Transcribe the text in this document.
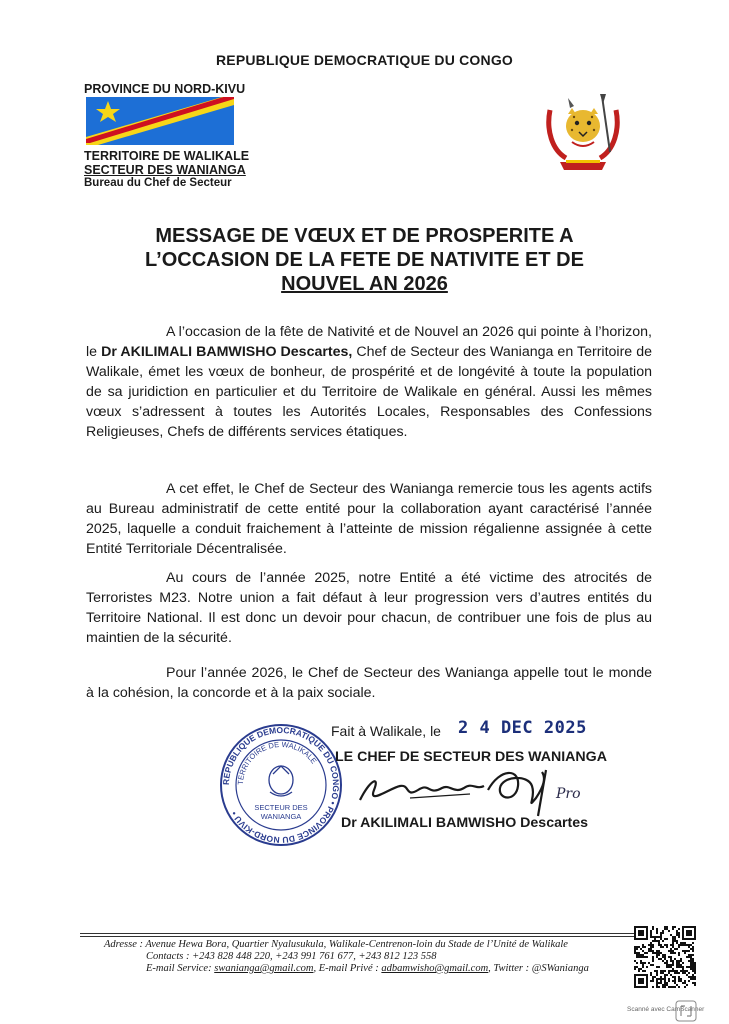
REPUBLIQUE DEMOCRATIQUE DU CONGO
PROVINCE DU NORD-KIVU
TERRITOIRE DE WALIKALE
SECTEUR DES WANIANGA
Bureau du Chef de Secteur
MESSAGE DE VŒUX ET DE PROSPERITE A
L’OCCASION DE LA FETE DE NATIVITE ET DE
NOUVEL AN 2026

A l’occasion de la fête de Nativité et de Nouvel an 2026 qui pointe à l’horizon, le Dr AKILIMALI BAMWISHO Descartes, Chef de Secteur des Wanianga en Territoire de Walikale, émet les vœux de bonheur, de prospérité et de longévité à toute la population de sa juridiction en particulier et du Territoire de Walikale en général. Aussi les mêmes vœux s’adressent à toutes les Autorités Locales, Responsables des Confessions Religieuses, Chefs de différents services étatiques.

A cet effet, le Chef de Secteur des Wanianga remercie tous les agents actifs au Bureau administratif de cette entité pour la collaboration ayant caractérisé l’année 2025, laquelle a conduit fraichement à l’atteinte de mission régalienne assignée à cette Entité Territoriale Décentralisée.

Au cours de l’année 2025, notre Entité a été victime des atrocités de Terroristes M23. Notre union a fait défaut à leur progression vers d’autres entités du Territoire National. Il est donc un devoir pour chacun, de contribuer une fois de plus au maintien de la sécurité.

Pour l’année 2026, le Chef de Secteur des Wanianga appelle tout le monde à la cohésion, la concorde et à la paix sociale.

REPUBLIQUE DEMOCRATIQUE DU CONGO • PROVINCE DU NORD-KIVU •
TERRITOIRE DE WALIKALE
SECTEUR DES
WANIANGA
Fait à Walikale, le 2 4 DEC 2025
LE CHEF DE SECTEUR DES WANIANGA
Pro
Dr AKILIMALI BAMWISHO Descartes
Adresse : Avenue Hewa Bora, Quartier Nyalusukula, Walikale-Centrenon-loin du Stade de l’Unité de Walikale
Contacts : +243 828 448 220, +243 991 761 677, +243 812 123 558
E-mail Service: swanianga@gmail.com, E-mail Privé : adbamwisho@gmail.com, Twitter : @SWanianga
Scanné avec CamScanner
